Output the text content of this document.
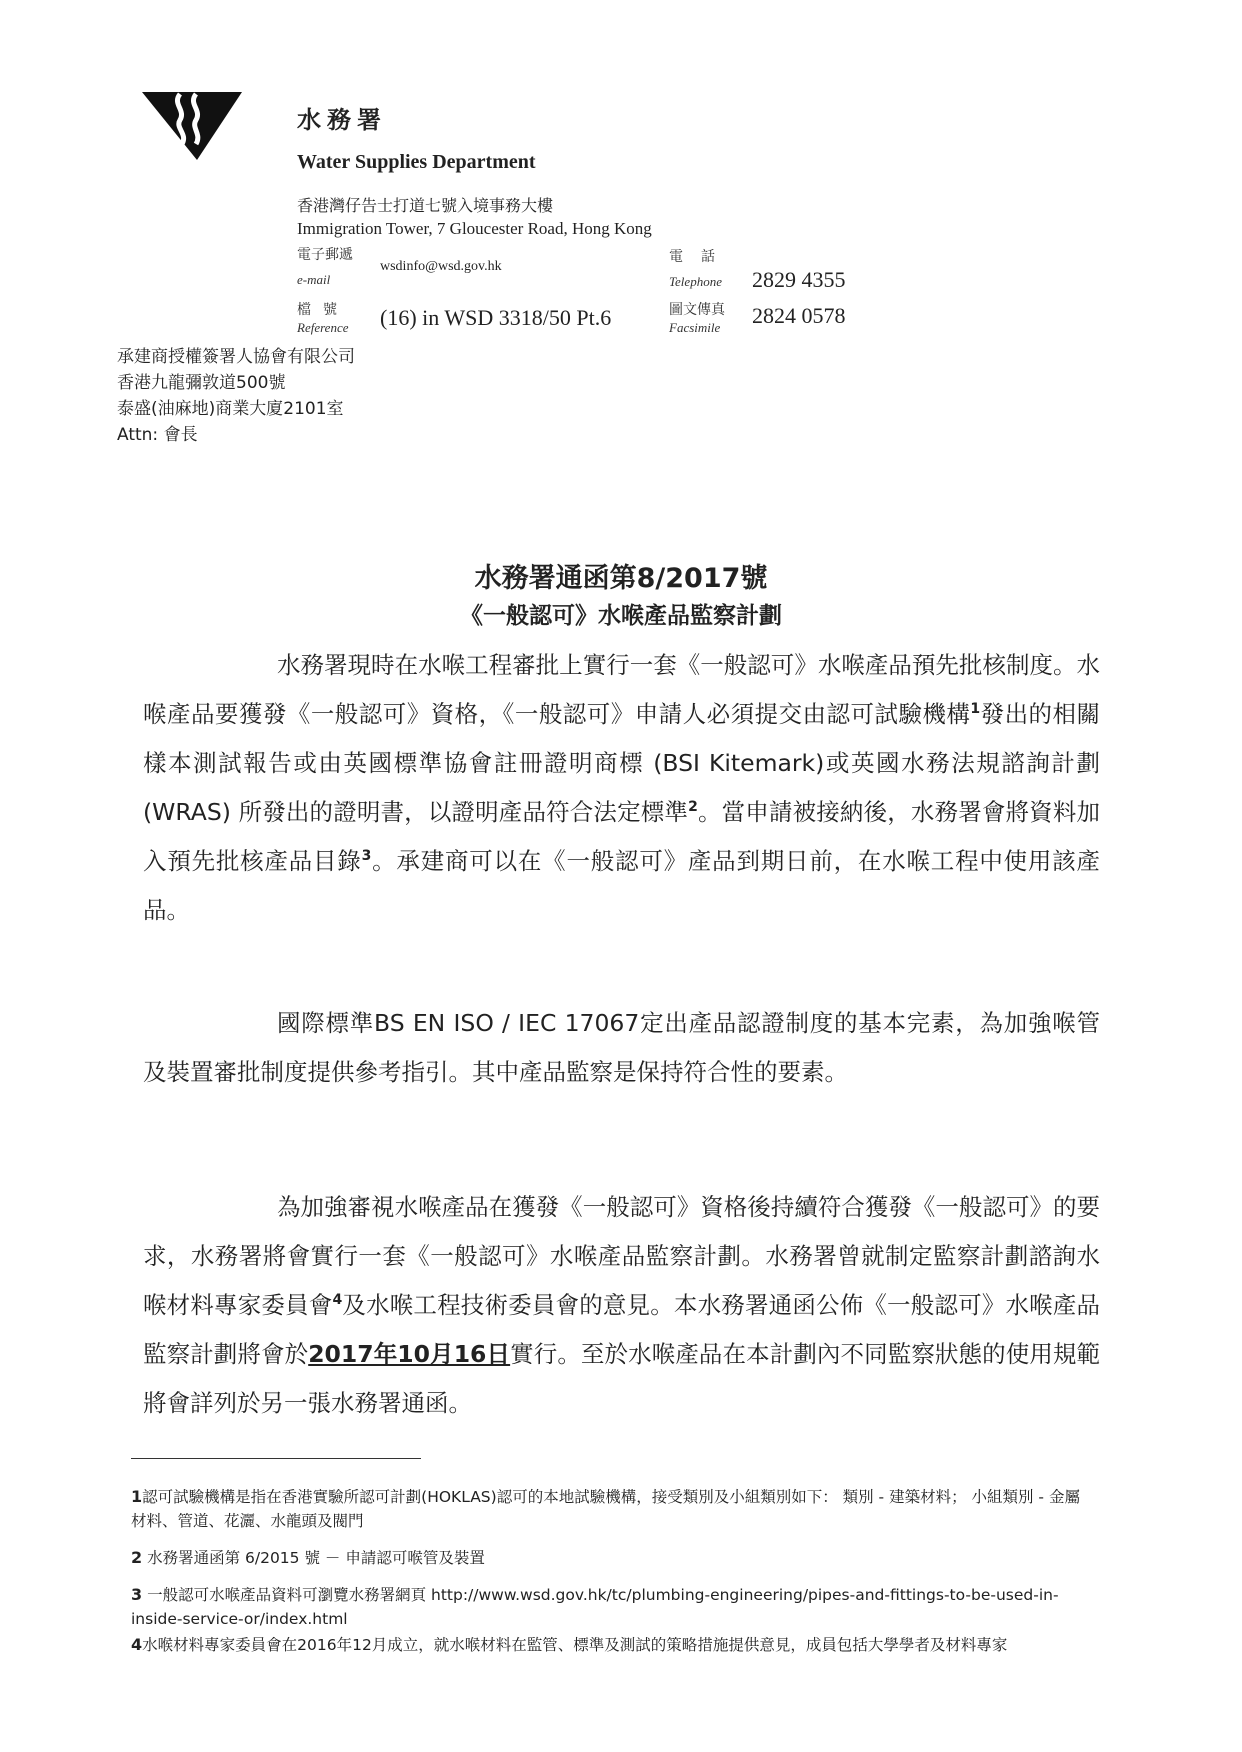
水務署
Water Supplies Department
香港灣仔告士打道七號入境事務大樓
Immigration Tower, 7 Gloucester Road, Hong Kong
電子郵遞
e-mail
wsdinfo@wsd.gov.hk
檔號
Reference (16) in WSD 3318/50 Pt.6
電話
Telephone 2829 4355
圖文傳真
Facsimile 2824 0578
承建商授權簽署人協會有限公司
香港九龍彌敦道500號
泰盛(油麻地)商業大廈2101室
Attn: 會長
水務署通函第8/2017號
《一般認可》水喉產品監察計劃

水務署現時在水喉工程審批上實行一套《一般認可》水喉產品預先批核制度。水喉產品要獲發《一般認可》資格，《一般認可》申請人必須提交由認可試驗機構$^1$發出的相關樣本測試報告或由英國標準協會註冊證明商標 (BSI Kitemark)或英國水務法規諮詢計劃 (WRAS) 所發出的證明書，以證明產品符合法定標準$^2$。當申請被接納後，水務署會將資料加入預先批核產品目錄$^3$。承建商可以在《一般認可》產品到期日前，在水喉工程中使用該產品。

國際標準BS EN ISO / IEC 17067定出產品認證制度的基本完素，為加強喉管及裝置審批制度提供參考指引。其中產品監察是保持符合性的要素。

為加強審視水喉產品在獲發《一般認可》資格後持續符合獲發《一般認可》的要求，水務署將會實行一套《一般認可》水喉產品監察計劃。水務署曾就制定監察計劃諮詢水喉材料專家委員會$^4$及水喉工程技術委員會的意見。本水務署通函公佈《一般認可》水喉產品監察計劃將會於2017年10月16日實行。至於水喉產品在本計劃內不同監察狀態的使用規範將會詳列於另一張水務署通函。

1認可試驗機構是指在香港實驗所認可計劃(HOKLAS)認可的本地試驗機構，接受類別及小組類別如下： 類別 - 建築材料； 小組類別 - 金屬材料、管道、花灑、水龍頭及閥門

2 水務署通函第 6/2015 號 － 申請認可喉管及裝置

3 一般認可水喉產品資料可瀏覽水務署網頁 http://www.wsd.gov.hk/tc/plumbing-engineering/pipes-and-fittings-to-be-used-in-inside-service-or/index.html

4水喉材料專家委員會在2016年12月成立，就水喉材料在監管、標準及測試的策略措施提供意見，成員包括大學學者及材料專家
